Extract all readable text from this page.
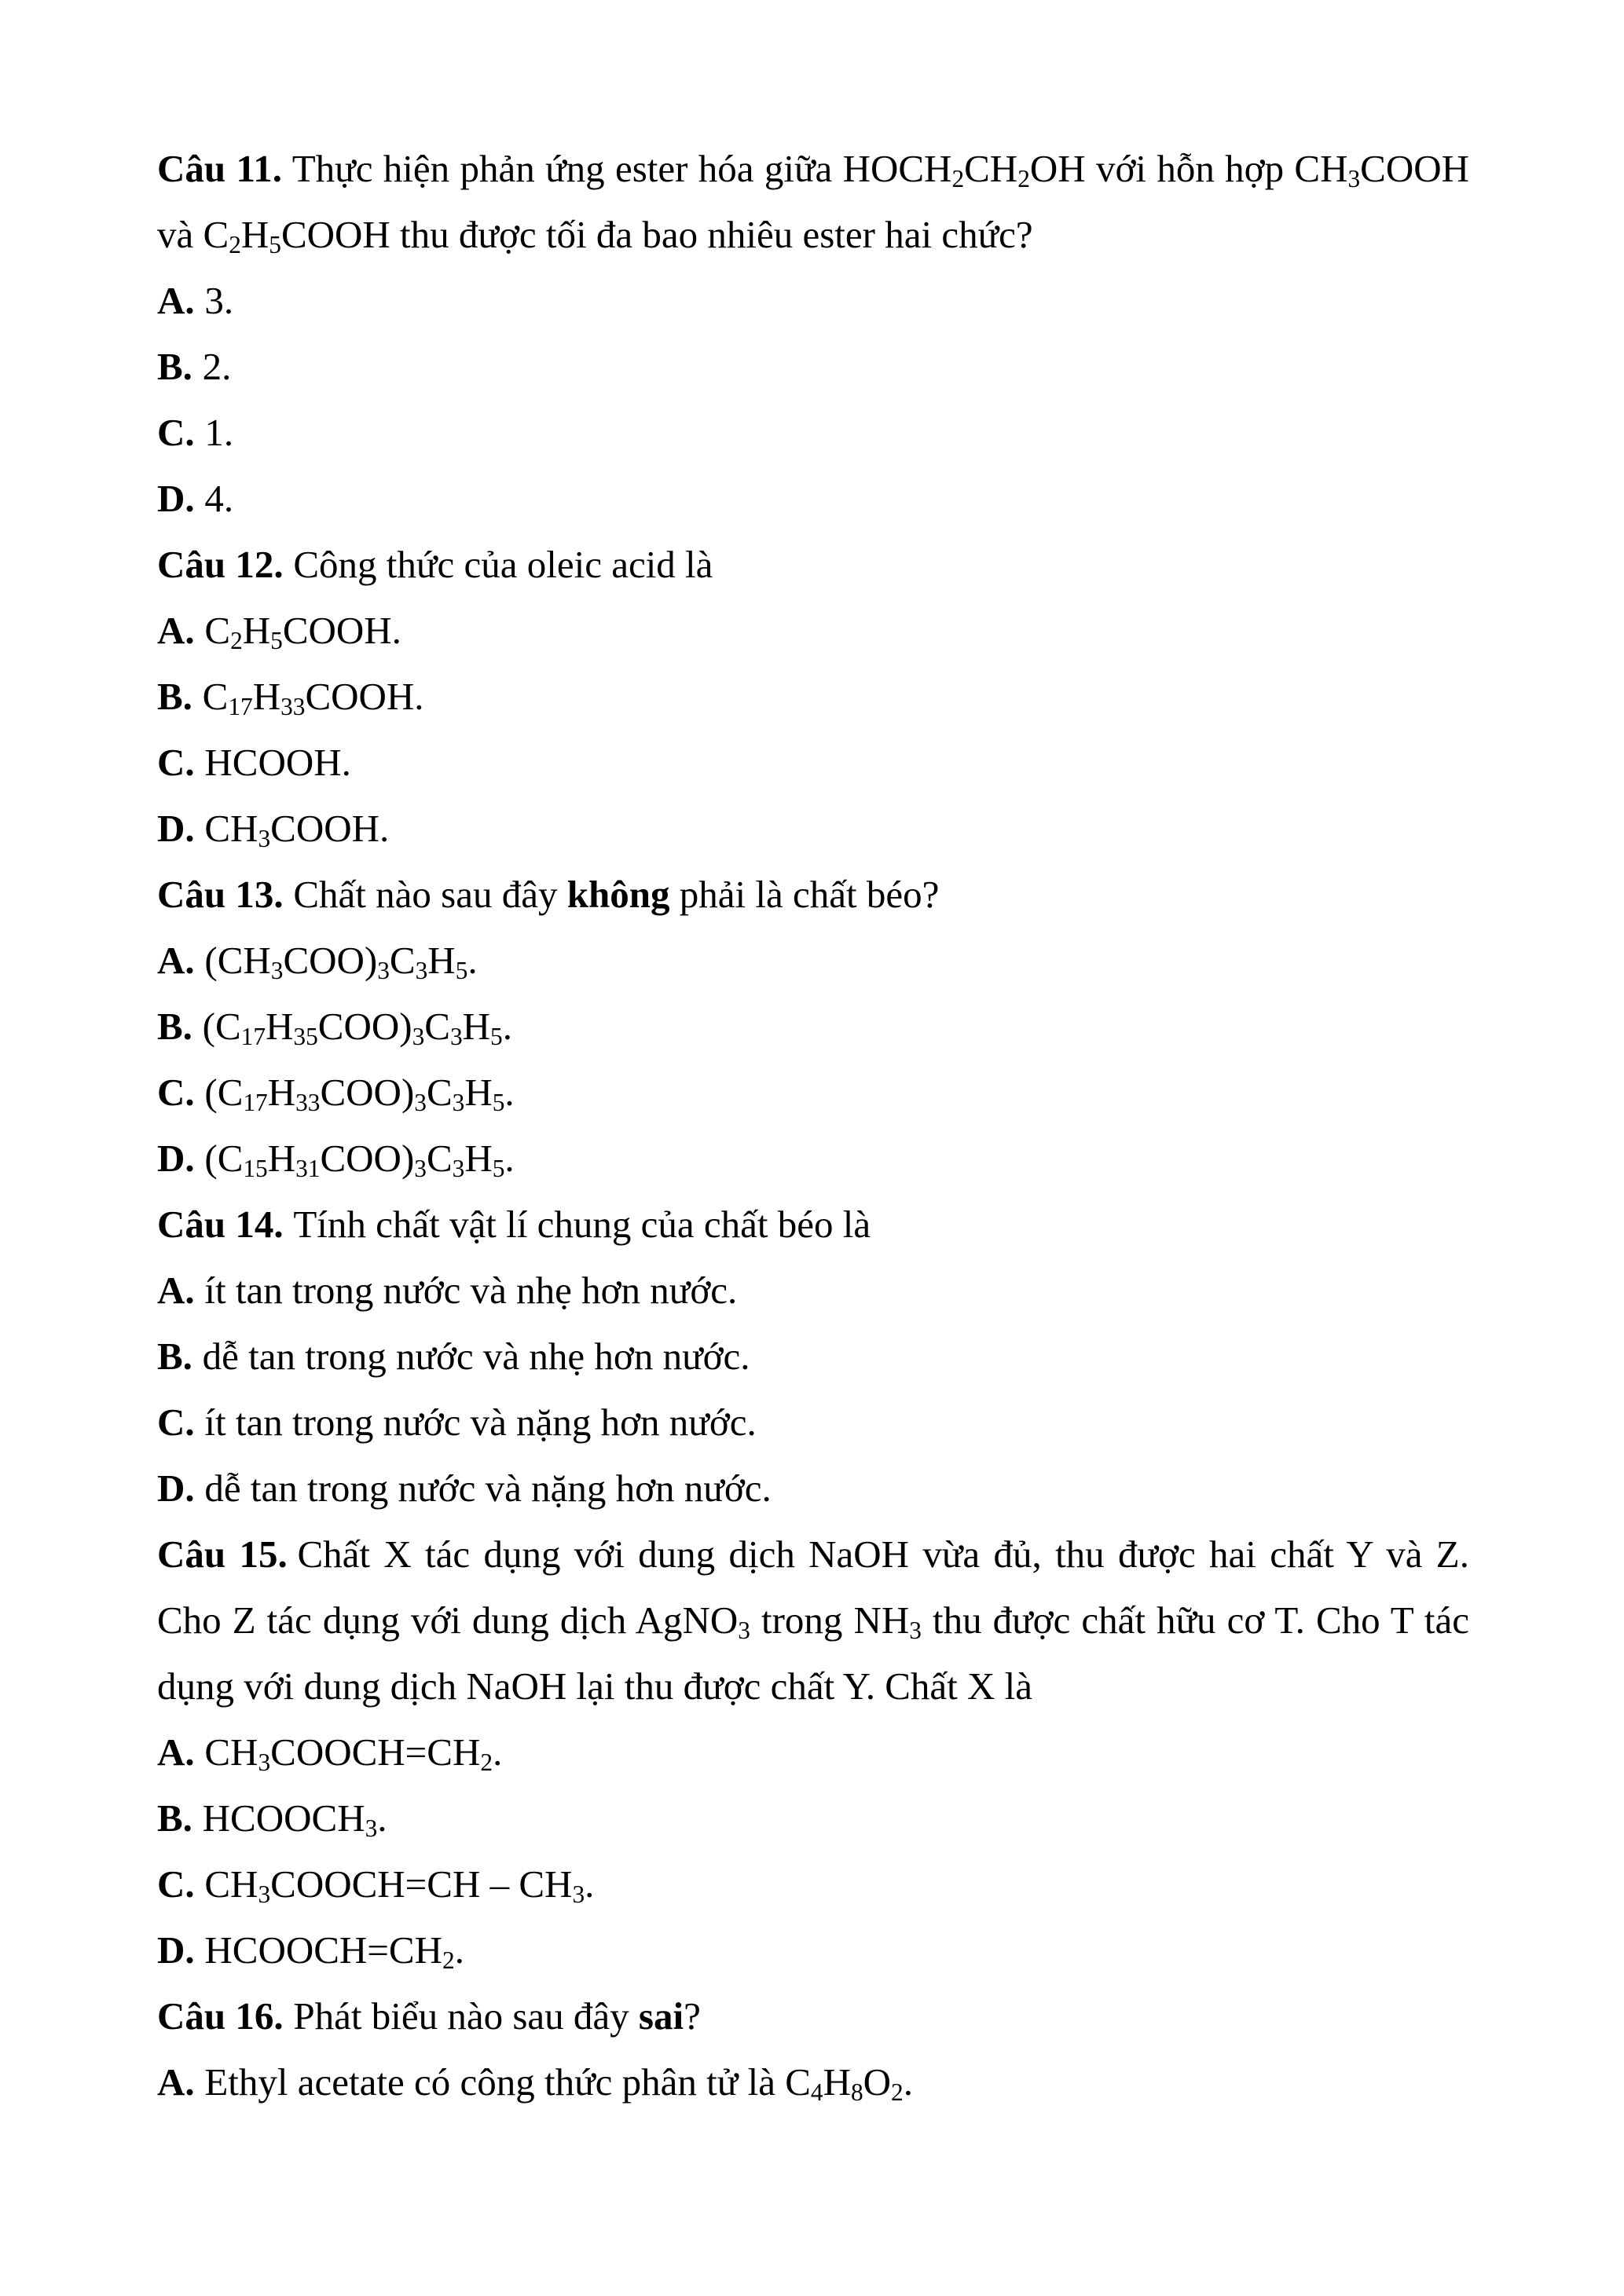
Câu 11. Thực hiện phản ứng ester hóa giữa $HOCH_2CH_2OH$ với hỗn hợp $CH_3COOH$ và $C_2H_5COOH$ thu được tối đa bao nhiêu ester hai chức?

A. 3.

B. 2.

C. 1.

D. 4.

Câu 12. Công thức của oleic acid là

A. $C_2H_5COOH$.

B. $C_{17}H_{33}COOH$.

C. HCOOH.

D. $CH_3COOH$.

Câu 13. Chất nào sau đây không phải là chất béo?

A. $(CH_3COO)_3C_3H_5$.

B. $(C_{17}H_{35}COO)_3C_3H_5$.

C. $(C_{17}H_{33}COO)_3C_3H_5$.

D. $(C_{15}H_{31}COO)_3C_3H_5$.

Câu 14. Tính chất vật lí chung của chất béo là

A. ít tan trong nước và nhẹ hơn nước.

B. dễ tan trong nước và nhẹ hơn nước.

C. ít tan trong nước và nặng hơn nước.

D. dễ tan trong nước và nặng hơn nước.

Câu 15. Chất X tác dụng với dung dịch NaOH vừa đủ, thu được hai chất Y và Z. Cho Z tác dụng với dung dịch AgNO$_3$ trong $NH_3$ thu được chất hữu cơ T. Cho T tác dụng với dung dịch NaOH lại thu được chất Y. Chất X là

A. $CH_3COOCH=CH_2$.

B. $HCOOCH_3$.

C. $CH_3COOCH=CH - CH_3$.

D. $HCOOCH=CH_2$.

Câu 16. Phát biểu nào sau đây sai?

A. Ethyl acetate có công thức phân tử là $C_4H_8O_2$.
